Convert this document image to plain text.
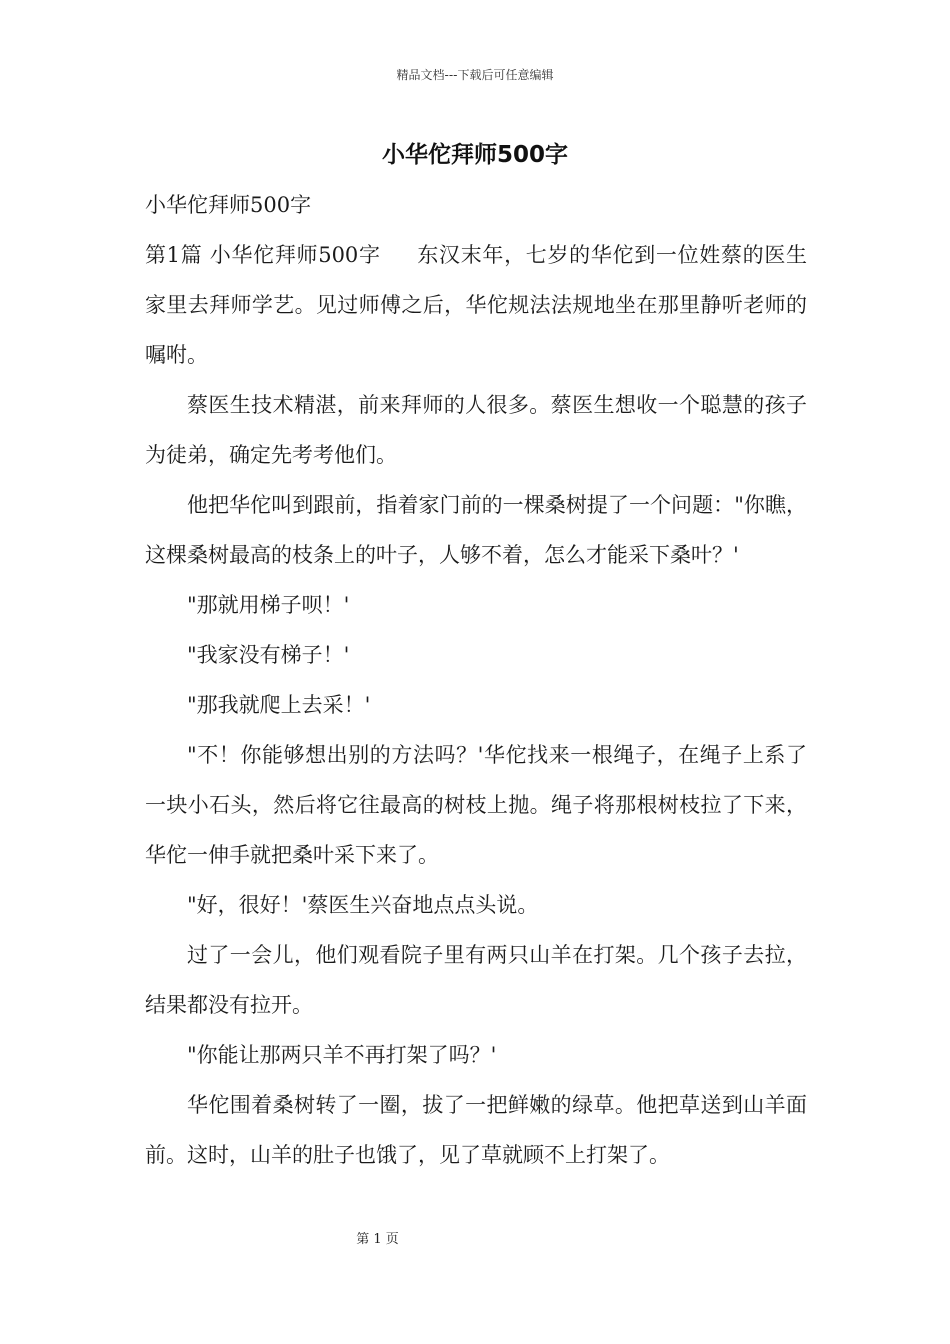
精品文档---下载后可任意编辑
小华佗拜师500字

小华佗拜师500字

第1篇 小华佗拜师500字 东汉末年，七岁的华佗到一位姓蔡的医生家里去拜师学艺。见过师傅之后，华佗规法法规地坐在那里静听老师的嘱咐。

蔡医生技术精湛，前来拜师的人很多。蔡医生想收一个聪慧的孩子为徒弟，确定先考考他们。

他把华佗叫到跟前，指着家门前的一棵桑树提了一个问题："你瞧，这棵桑树最高的枝条上的叶子，人够不着，怎么才能采下桑叶？'

"那就用梯子呗！'

"我家没有梯子！'

"那我就爬上去采！'

"不！你能够想出别的方法吗？'华佗找来一根绳子，在绳子上系了一块小石头，然后将它往最高的树枝上抛。绳子将那根树枝拉了下来，华佗一伸手就把桑叶采下来了。

"好，很好！'蔡医生兴奋地点点头说。

过了一会儿，他们观看院子里有两只山羊在打架。几个孩子去拉，结果都没有拉开。

"你能让那两只羊不再打架了吗？'

华佗围着桑树转了一圈，拔了一把鲜嫩的绿草。他把草送到山羊面前。这时，山羊的肚子也饿了，见了草就顾不上打架了。

第 1 页
